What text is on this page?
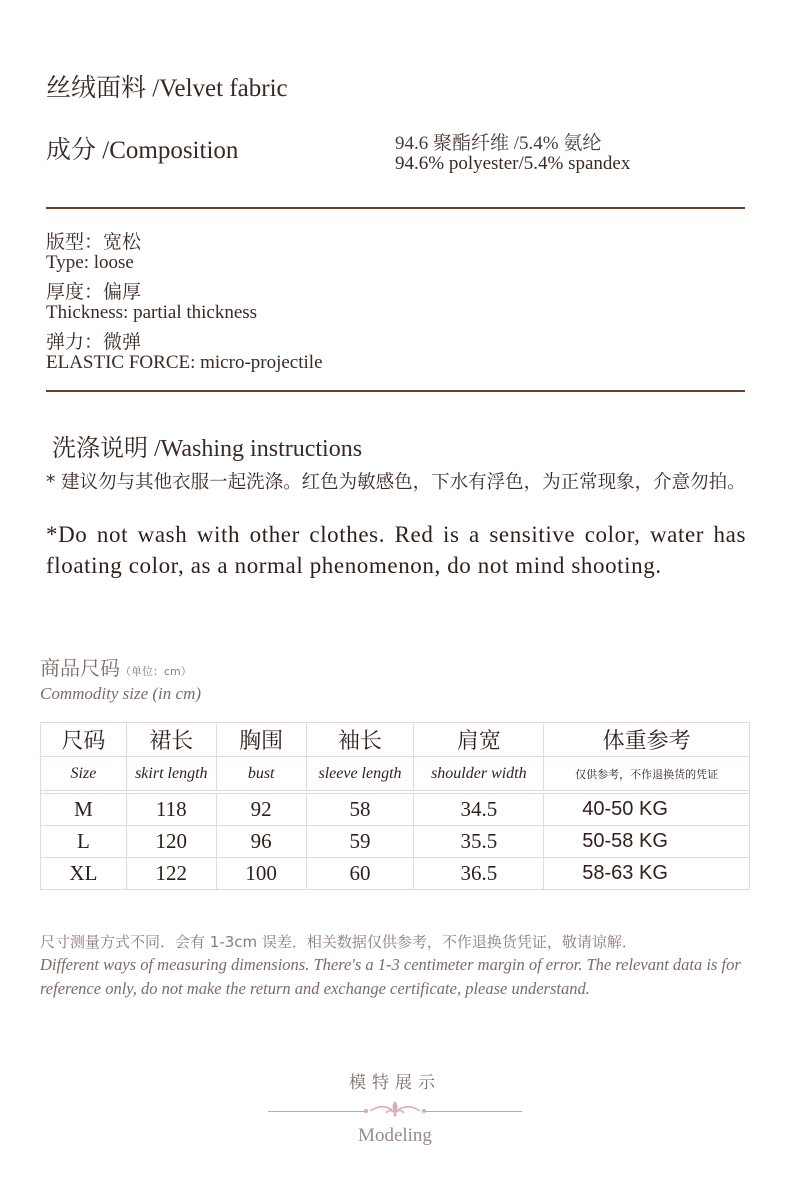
丝绒面料 /Velvet fabric
成分 /Composition	94.6 聚酯纤维 /5.4% 氨纶
94.6% polyester/5.4% spandex
版型：宽松
Type: loose
厚度：偏厚
Thickness: partial thickness
弹力：微弹
ELASTIC FORCE: micro-projectile
洗涤说明 /Washing instructions
* 建议勿与其他衣服一起洗涤。红色为敏感色，下水有浮色，为正常现象，介意勿拍。
*Do not wash with other clothes. Red is a sensitive color, water has floating color, as a normal phenomenon, do not mind shooting.
商品尺码（单位：cm）
Commodity size (in cm)
尺码	裙长	胸围	袖长	肩宽	体重参考
Size	skirt length	bust	sleeve length	shoulder width	仅供参考，不作退换货的凭证

M	118	92	58	34.5	40-50 KG
L	120	96	59	35.5	50-58 KG
XL	122	100	60	36.5	58-63 KG
尺寸测量方式不同．会有 1-3cm 误差．相关数据仅供参考，不作退换货凭证，敬请谅解．
Different ways of measuring dimensions. There's a 1-3 centimeter margin of error. The relevant data is for reference only, do not make the return and exchange certificate, please understand.
模特展示
Modeling
